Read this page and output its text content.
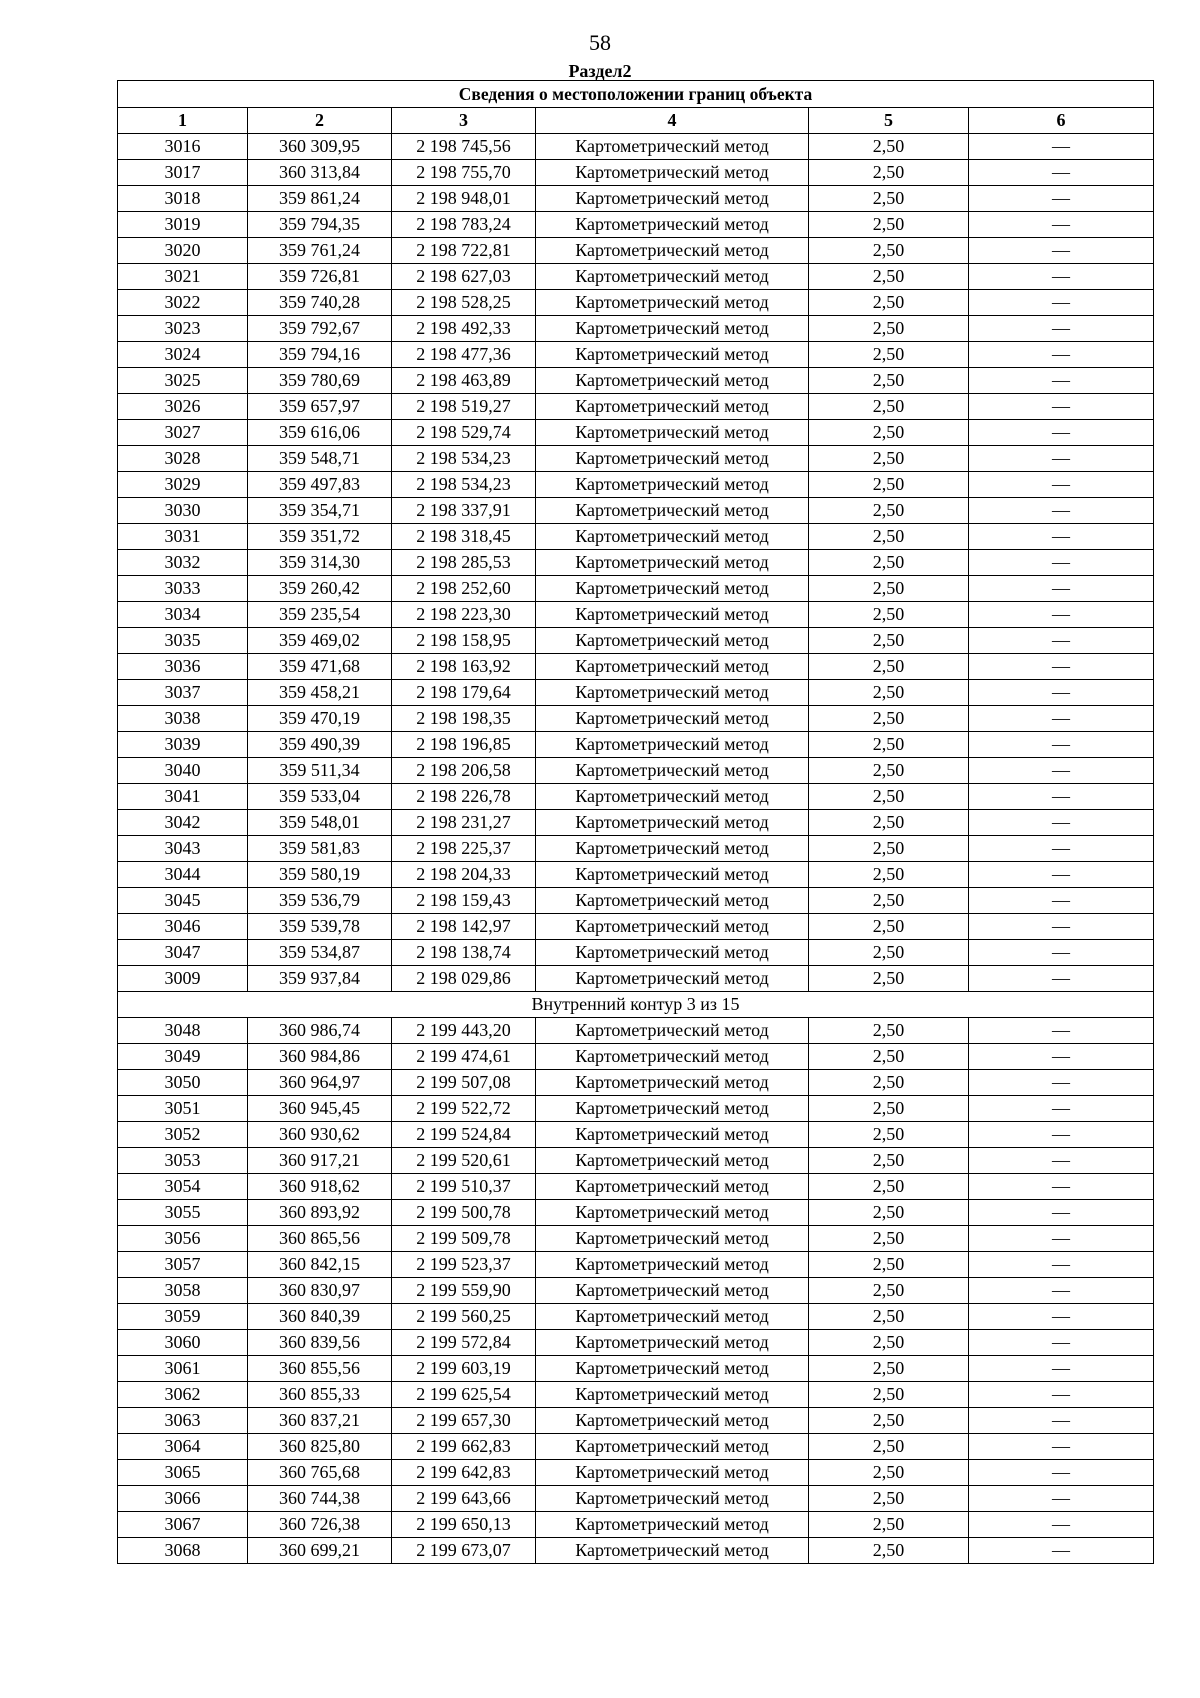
58
Раздел2
Сведения о местоположении границ объекта					
1	2	3	4	5	6
3016	360 309,95	2 198 745,56	Картометрический метод	2,50	—
3017	360 313,84	2 198 755,70	Картометрический метод	2,50	—
3018	359 861,24	2 198 948,01	Картометрический метод	2,50	—
3019	359 794,35	2 198 783,24	Картометрический метод	2,50	—
3020	359 761,24	2 198 722,81	Картометрический метод	2,50	—
3021	359 726,81	2 198 627,03	Картометрический метод	2,50	—
3022	359 740,28	2 198 528,25	Картометрический метод	2,50	—
3023	359 792,67	2 198 492,33	Картометрический метод	2,50	—
3024	359 794,16	2 198 477,36	Картометрический метод	2,50	—
3025	359 780,69	2 198 463,89	Картометрический метод	2,50	—
3026	359 657,97	2 198 519,27	Картометрический метод	2,50	—
3027	359 616,06	2 198 529,74	Картометрический метод	2,50	—
3028	359 548,71	2 198 534,23	Картометрический метод	2,50	—
3029	359 497,83	2 198 534,23	Картометрический метод	2,50	—
3030	359 354,71	2 198 337,91	Картометрический метод	2,50	—
3031	359 351,72	2 198 318,45	Картометрический метод	2,50	—
3032	359 314,30	2 198 285,53	Картометрический метод	2,50	—
3033	359 260,42	2 198 252,60	Картометрический метод	2,50	—
3034	359 235,54	2 198 223,30	Картометрический метод	2,50	—
3035	359 469,02	2 198 158,95	Картометрический метод	2,50	—
3036	359 471,68	2 198 163,92	Картометрический метод	2,50	—
3037	359 458,21	2 198 179,64	Картометрический метод	2,50	—
3038	359 470,19	2 198 198,35	Картометрический метод	2,50	—
3039	359 490,39	2 198 196,85	Картометрический метод	2,50	—
3040	359 511,34	2 198 206,58	Картометрический метод	2,50	—
3041	359 533,04	2 198 226,78	Картометрический метод	2,50	—
3042	359 548,01	2 198 231,27	Картометрический метод	2,50	—
3043	359 581,83	2 198 225,37	Картометрический метод	2,50	—
3044	359 580,19	2 198 204,33	Картометрический метод	2,50	—
3045	359 536,79	2 198 159,43	Картометрический метод	2,50	—
3046	359 539,78	2 198 142,97	Картометрический метод	2,50	—
3047	359 534,87	2 198 138,74	Картометрический метод	2,50	—
3009	359 937,84	2 198 029,86	Картометрический метод	2,50	—
Внутренний контур 3 из 15					
3048	360 986,74	2 199 443,20	Картометрический метод	2,50	—
3049	360 984,86	2 199 474,61	Картометрический метод	2,50	—
3050	360 964,97	2 199 507,08	Картометрический метод	2,50	—
3051	360 945,45	2 199 522,72	Картометрический метод	2,50	—
3052	360 930,62	2 199 524,84	Картометрический метод	2,50	—
3053	360 917,21	2 199 520,61	Картометрический метод	2,50	—
3054	360 918,62	2 199 510,37	Картометрический метод	2,50	—
3055	360 893,92	2 199 500,78	Картометрический метод	2,50	—
3056	360 865,56	2 199 509,78	Картометрический метод	2,50	—
3057	360 842,15	2 199 523,37	Картометрический метод	2,50	—
3058	360 830,97	2 199 559,90	Картометрический метод	2,50	—
3059	360 840,39	2 199 560,25	Картометрический метод	2,50	—
3060	360 839,56	2 199 572,84	Картометрический метод	2,50	—
3061	360 855,56	2 199 603,19	Картометрический метод	2,50	—
3062	360 855,33	2 199 625,54	Картометрический метод	2,50	—
3063	360 837,21	2 199 657,30	Картометрический метод	2,50	—
3064	360 825,80	2 199 662,83	Картометрический метод	2,50	—
3065	360 765,68	2 199 642,83	Картометрический метод	2,50	—
3066	360 744,38	2 199 643,66	Картометрический метод	2,50	—
3067	360 726,38	2 199 650,13	Картометрический метод	2,50	—
3068	360 699,21	2 199 673,07	Картометрический метод	2,50	—
